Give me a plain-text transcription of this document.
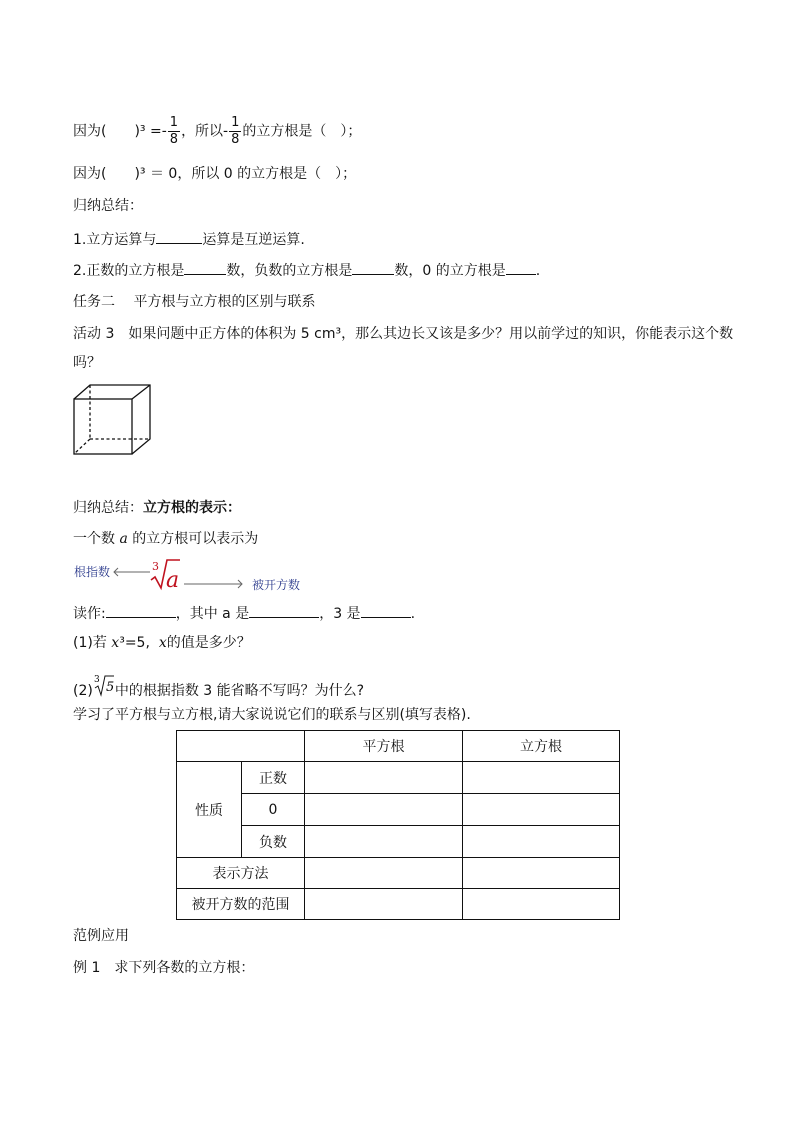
因为(　　)$^3 =- \frac{1}{8}$ ，所以- $\frac{1}{8}$ 的立方根是（　）；
因为(　　)³ ＝ 0，所以 0 的立方根是（　）；
归纳总结：
1.立方运算与	运算是互逆运算.
2.正数的立方根是	数，负数的立方根是	数，0 的立方根是 .
任务二　 平方根与立方根的区别与联系
活动 3　如果问题中正方体的体积为 5 cm³，那么其边长又该是多少？用以前学过的知识，你能表示这个数
吗？
归纳总结：立方根的表示：
一个数 a 的立方根可以表示为
根指数	3
a	被开方数
读作:	，其中 a 是	，3 是	.
(1)若 x³=5, x的值是多少？
(2)
3 5 中的根据指数 3 能省略不写吗？为什么?
学习了平方根与立方根,请大家说说它们的联系与区别(填写表格).
		平方根	立方根
性质	正数		
	0		
	负数		
表示方法			
被开方数的范围			
范例应用
例 1　求下列各数的立方根：
